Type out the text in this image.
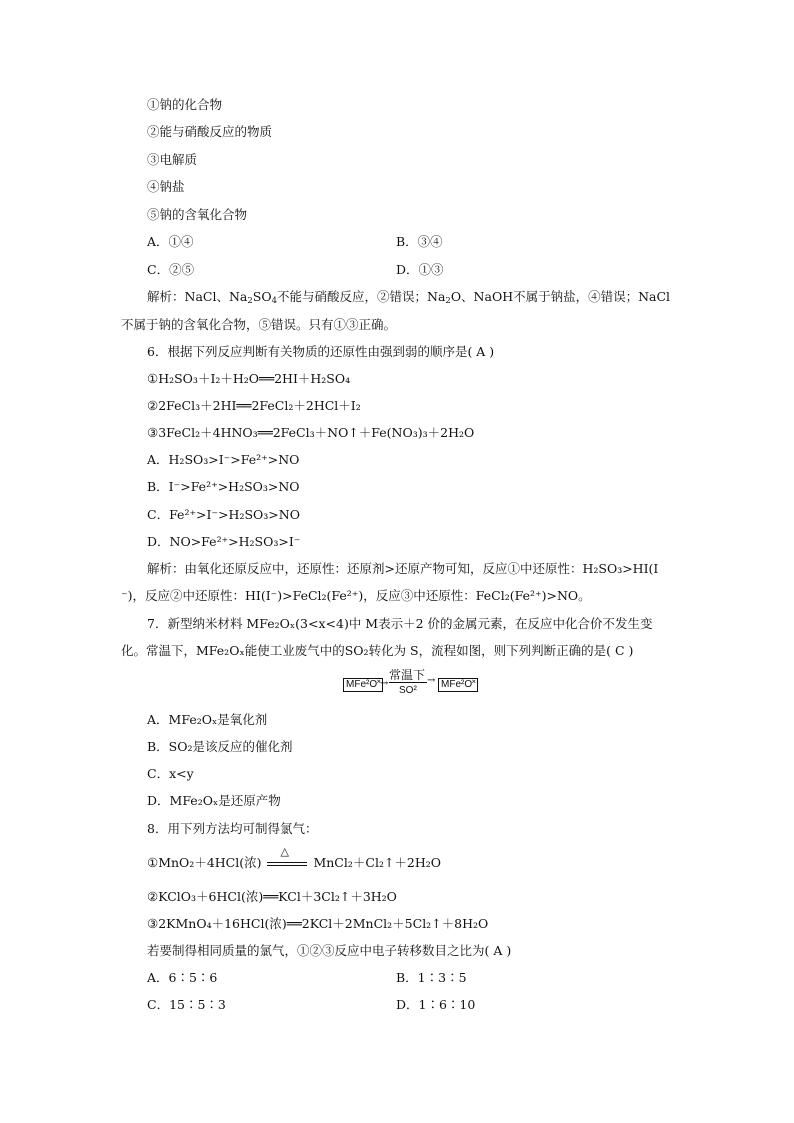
①钠的化合物
②能与硝酸反应的物质
③电解质
④钠盐
⑤钠的含氧化合物
A．①④	B．③④
C．②⑤	D．①③
解析：NaCl、$Na_2SO_4$不能与硝酸反应，②错误；$Na_2O$、NaOH不属于钠盐，④错误；NaCl
不属于钠的含氧化合物，⑤错误。只有①③正确。
6．根据下列反应判断有关物质的还原性由强到弱的顺序是( A )
①H₂SO₃＋I₂＋H₂O══2HI＋H₂SO₄
②2FeCl₃＋2HI══2FeCl₂＋2HCl＋I₂
③3FeCl₂＋4HNO₃══2FeCl₃＋NO↑＋Fe(NO₃)₃＋2H₂O
A．H₂SO₃>I⁻>Fe²⁺>NO
B．I⁻>Fe²⁺>H₂SO₃>NO
C．Fe²⁺>I⁻>H₂SO₃>NO
D．NO>Fe²⁺>H₂SO₃>I⁻
解析：由氧化还原反应中，还原性：还原剂>还原产物可知，反应①中还原性：H₂SO₃>HI(I
⁻)，反应②中还原性：HI(I⁻)>FeCl₂(Fe²⁺)，反应③中还原性：FeCl₂(Fe²⁺)>NO。
7．新型纳米材料 MFe₂Oₓ(3<x<4)中 M表示＋2 价的金属元素，在反应中化合价不发生变
化。常温下，MFe₂Oₓ能使工业废气中的SO₂转化为 S，流程如图，则下列判断正确的是( C )
MFe²O˟ →
常温下
SO²
→ MFe²O˟
A．MFe₂Oₓ是氧化剂
B．SO₂是该反应的催化剂
C．x<y
D．MFe₂Oₓ是还原产物
8．用下列方法均可制得氯气：
①MnO₂＋4HCl(浓)
△
MnCl₂＋Cl₂↑＋2H₂O
②KClO₃＋6HCl(浓)══KCl＋3Cl₂↑＋3H₂O
③2KMnO₄＋16HCl(浓)══2KCl＋2MnCl₂＋5Cl₂↑＋8H₂O
若要制得相同质量的氯气，①②③反应中电子转移数目之比为( A )
A．6∶5∶6	B．1∶3∶5
C．15∶5∶3	D．1∶6∶10
